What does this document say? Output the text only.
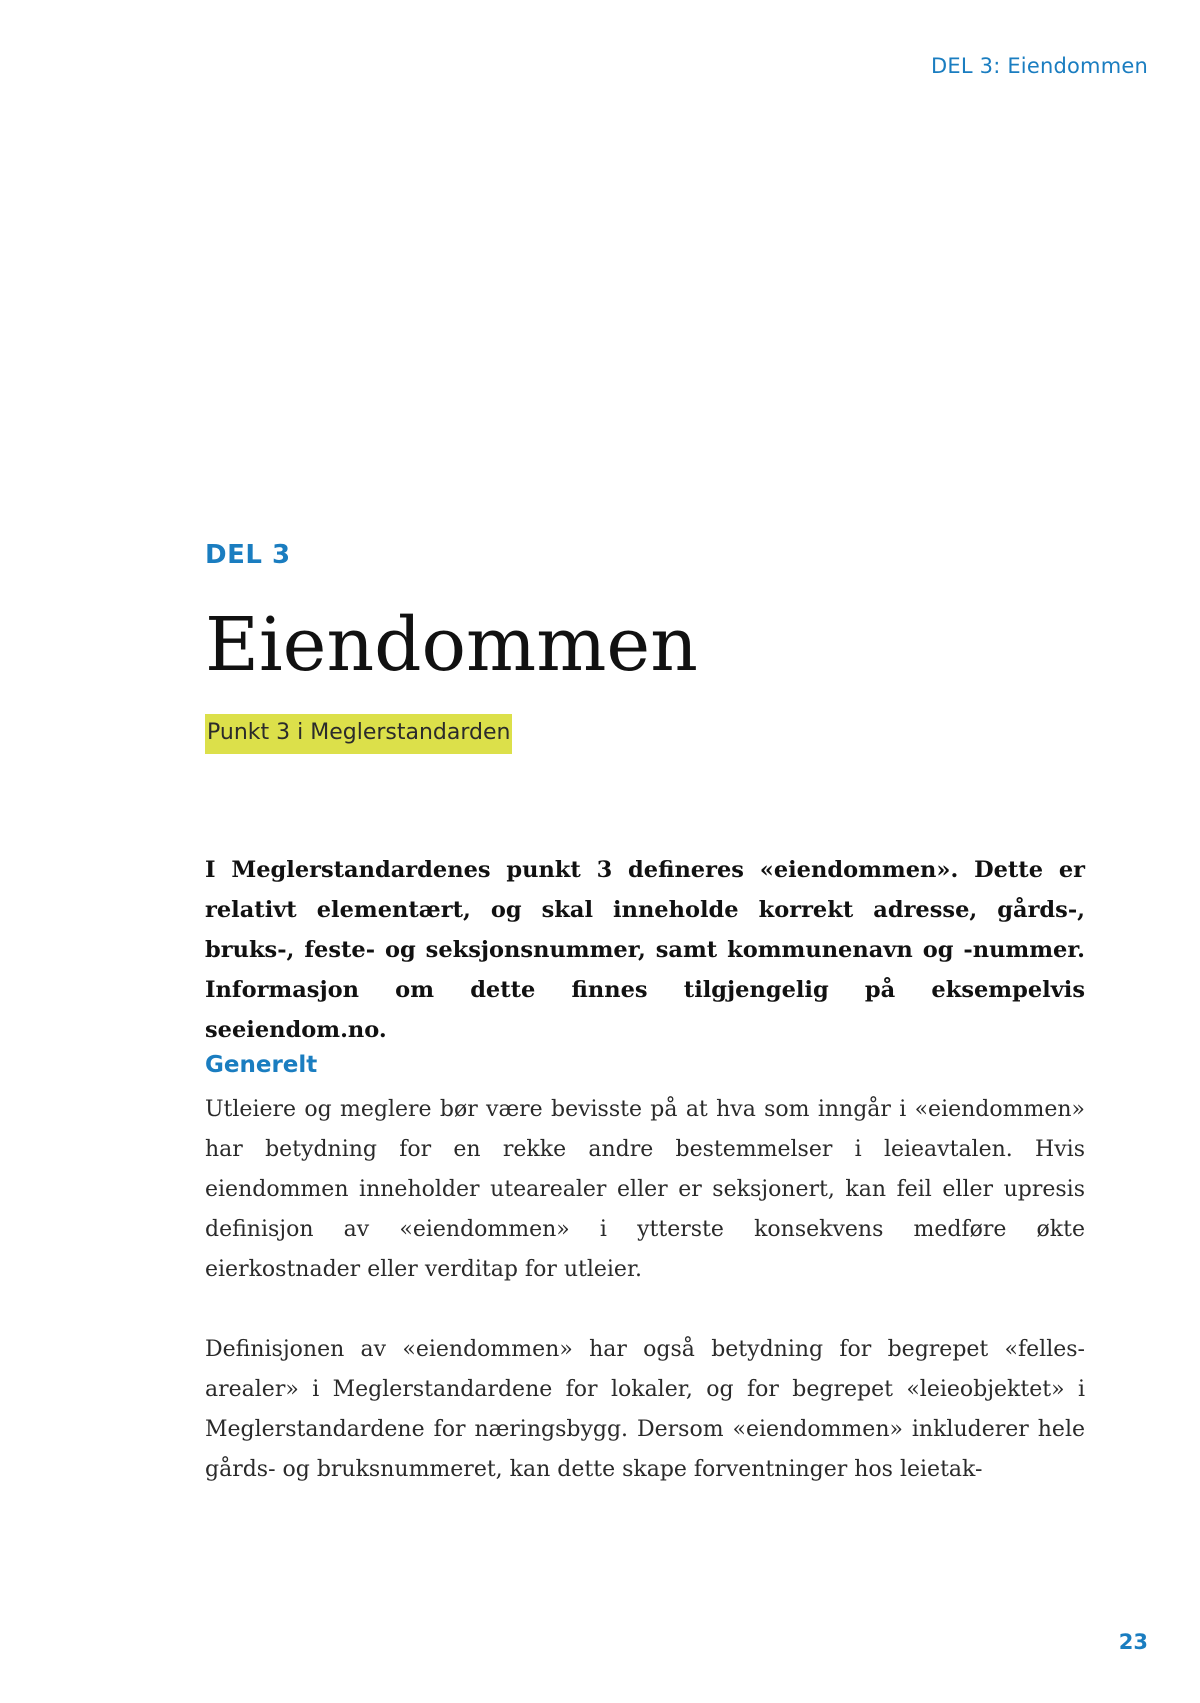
DEL 3: Eiendommen
DEL 3
Eiendommen
Punkt 3 i Meglerstandarden

I Meglerstandardenes punkt 3 defineres «eiendommen». Dette er relativt elementært, og skal inneholde korrekt adresse, gårds-, bruks-, feste- og seksjonsnummer, samt kommunenavn og -nummer. Informasjon om dette finnes tilgjengelig på eksempelvis seeiendom.no.

Generelt

Utleiere og meglere bør være bevisste på at hva som inngår i «eiendommen» har betydning for en rekke andre bestemmelser i leieavtalen. Hvis eiendommen inneholder utearealer eller er seksjonert, kan feil eller upresis definisjon av «eiendommen» i ytterste konsekvens medføre økte eierkostnader eller verditap for utleier.

Definisjonen av «eiendommen» har også betydning for begrepet «felles-arealer» i Meglerstandardene for lokaler, og for begrepet «leieobjektet» i Meglerstandardene for næringsbygg. Dersom «eiendommen» inkluderer hele gårds- og bruksnummeret, kan dette skape forventninger hos leietak-

23
